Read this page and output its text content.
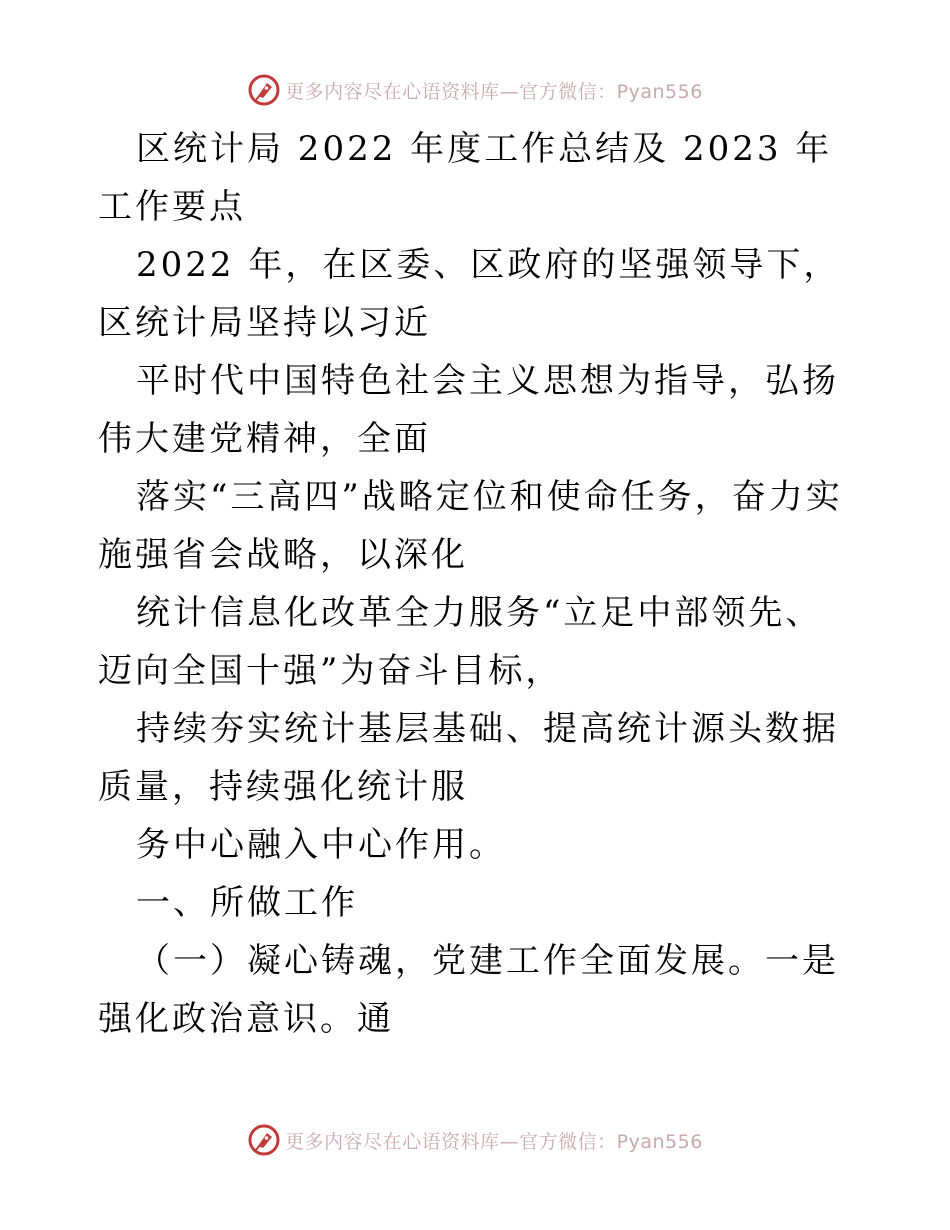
更多内容尽在心语资料库—官方微信：Pyan556

区统计局 2022 年度工作总结及 2023 年工作要点

2022 年，在区委、区政府的坚强领导下，区统计局坚持以习近

平时代中国特色社会主义思想为指导，弘扬伟大建党精神，全面

落实“三高四”战略定位和使命任务，奋力实施强省会战略，以深化

统计信息化改革全力服务“立足中部领先、迈向全国十强”为奋斗目标，

持续夯实统计基层基础、提高统计源头数据质量，持续强化统计服

务中心融入中心作用。

一、所做工作

（一）凝心铸魂，党建工作全面发展。一是强化政治意识。通

更多内容尽在心语资料库—官方微信：Pyan556
